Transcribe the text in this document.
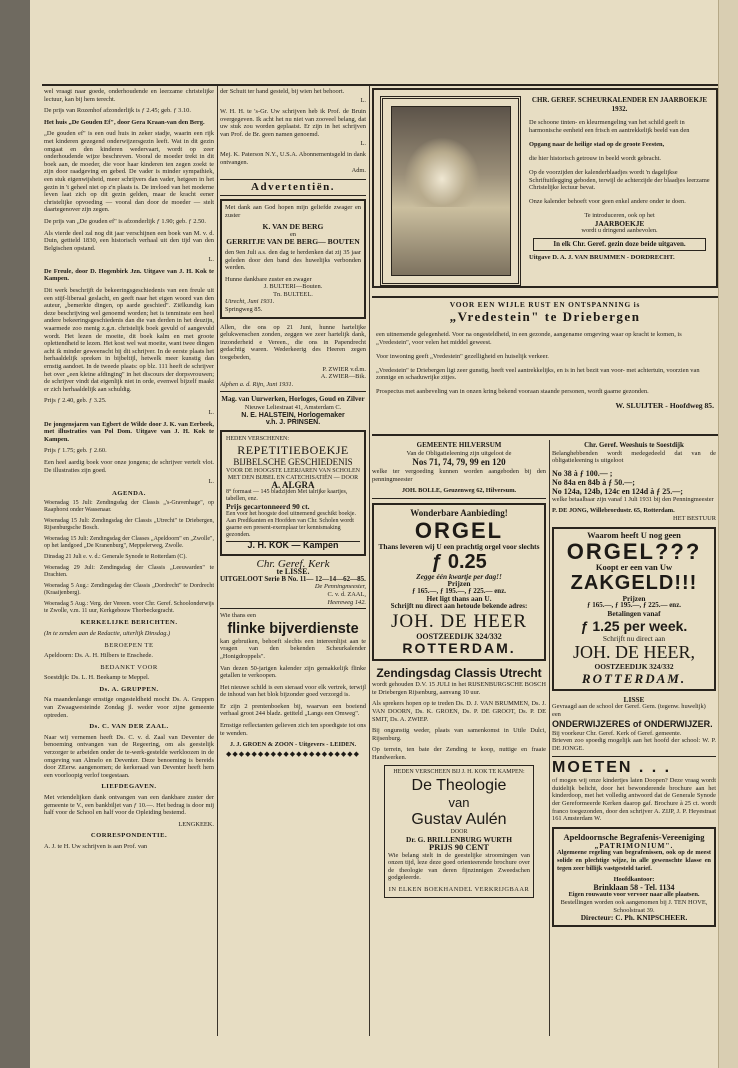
wel vraagt naar goede, onderhoudende en leerzame christelijke lectuur, kan bij hem terecht.

De prijs van Rozenhof afzonderlijk is ƒ 2.45; geb. ƒ 3.10.

Het huis „De Gouden Ef", door Gera Kraan-van den Berg.

„De gouden ef" is een oud huis in zeker stadje, waarin een rijk met kinderen gezegend onderwijzersgezin leeft. Wat in dit gezin omgaat en den kinderen wedervaart, wordt op zeer onderhoudende wijze beschreven. Vooral de moeder trekt in dit boek aan, de moeder, die voor haar kinderen ten zegen zoekt te zijn door raadgeving en gebed. De vader is minder sympathiek, een stuk eigenwijsheid, meer schrijvers dan vader, hetgeen in het gezin in 't geheel niet op z'n plaats is. De invloed van het moderne leven laat zich op dit gezin gelden, maar de kracht eener christelijke opvoeding — vooral dan door de moeder — stelt daartegenover zijn zegen.

De prijs van „De gouden ef" is afzonderlijk ƒ 1.90; geb. ƒ 2.50.

Als vierde deel zal nog dit jaar verschijnen een boek van M. v. d. Duin, getiteld 1830, een historisch verhaal uit den tijd van den Belgischen opstand.

L.

De Freule, door D. Hogenbirk Jzn. Uitgave van J. H. Kok te Kampen.

Dit werk beschrijft de bekeeringsgeschiedenis van een freule uit een stijf-liberaal geslacht, en geeft naar het eigen woord van den auteur, „bemerkte dingen, op aarde geschied". Ziëlkundig kan deze beschrijving wel genoemd worden; het is tenminste een heel andere bekeeringsgeschiedenis dan die van derden in het deuzijn, waarmede zoo menig z.g.n. christelijk boek gevuld of aangevuld wordt. Het lezen de moeite, dit boek kalm en met groote oplettendheid te lezen. Het kost wel wat moeite, want twee dingen acht ik minder geweenscht bij dit schrijver. In de eerste plaats het herhaaldelijk spreken in bijbeltijl, hetwelk meer kunstig dan ernstig aandoet. In de tweede plaats: op blz. 111 heeft de schrijver het over „een kleine afdinging" in het discours der dorpsvrouwen; de schrijver vindt dat eigenlijk niet in orde, evenwel bijzelf maakt er zich herhaaldelijk aan schuldig.

Prijs ƒ 2.40, geb. ƒ 3.25.

L.

De jongensjaren van Egbert de Wilde door J. K. van Eerbeek, met illustraties van Pol Dom. Uitgave van J. H. Kok te Kampen.

Prijs ƒ 1.75; geb. ƒ 2.60.

Een heel aardig boek voor onze jongens; de schrijver vertelt vlot. De illustraties zijn goed.

L.

AGENDA.

Woensdag 15 Juli: Zendingsdag der Classis „'s-Gravenhage", op Raaphorst onder Wassenaar.

Woensdag 15 Juli: Zendingsdag der Classis „Utrecht" te Driebergen, Rijsenburgsche Bosch.

Woensdag 15 Juli: Zendingsdag der Classes „Apeldoorn" en „Zwolle", op het landgoed „De Kranenburg", Meppelerweg, Zwolle.

Dinsdag 21 Juli e. v. d.: Generale Synode te Rotterdam (C).

Woensdag 29 Juli: Zendingsdag der Classis „Leeuwarden" te Drachten.

Woensdag 5 Aug.: Zendingsdag der Classis „Dordrecht" te Dordrecht (Kraaijenberg).

Woensdag 5 Aug.: Verg. der Vereen. voor Chr. Geref. Schoolonderwijs te Zwolle, v.m. 11 uur, Kerkgebouw Thorbeckegracht.

KERKELIJKE BERICHTEN.

(In te zenden aan de Redactie, uiterlijk Dinsdag.)

BEROEPEN TE

Apeldoorn: Ds. A. H. Hilbers te Enschede.

BEDANKT VOOR

Soestdijk: Ds. L. H. Beekamp te Meppel.

Ds. A. GRUPPEN.

Na maandenlange ernstige ongesteldheid mocht Ds. A. Gruppen van Zwaagwesteinde Zondag jl. weder voor zijne gemeente optreden.

Ds. C. VAN DER ZAAL.

Naar wij vernemen heeft Ds. C. v. d. Zaal van Deventer de benoeming ontvangen van de Regeering, om als geestelijk verzorger te arbeiden onder de te-werk-gestelde werkloozen in de omgeving van Almelo en Deventer. Deze benoeming is bereids door ZEerw. aangenomen; de kerkeraad van Deventer heeft hem een voorloopig verlof toegestaan.

LIEFDEGAVEN.

Met vriendelijken dank ontvangen van een dankbare zuster der gemeente te V., een bankbiljet van ƒ 10.—. Het bedrag is door mij half voor de School en half voor de Opleiding bestemd.

LENGKEEK.

CORRESPONDENTIE.

A. J. te H. Uw schrijven is aan Prof. van

der Schuit ter hand gesteld, bij wien het behoort.

L.

W. H. H. te 's-Gr. Uw schrijven heb ik Prof. de Bruin overgegeven. Ik acht het nu niet van zooveel belang, dat uw stuk zou worden geplaatst. Er zijn in het schrijven van Prof. de Br. geen namen genoemd.

L.

Mej. K. Paterson N.Y., U.S.A. Abonnementsgeld in dank ontvangen.

Adm.

Advertentiën.

Met dank aan God hopen mijn geliefde zwager en zuster

K. VAN DE BERG
en
GERRITJE VAN DE BERG— BOUTEN

den 9en Juli a.s. den dag te herdenken dat zij 35 jaar geleden door den band des huwelijks verbonden werden.

Hunne dankbare zuster en zwager

J. BULTERI—Bouten.
Tn. BULTEEL.
Utrecht, Juni 1931.
Springweg 85.

Allen, die ons op 21 Juni, hunne hartelijke gelukwenschen zonden, zeggen we zeer hartelijk dank, inzonderheid e Vereen., die ons in Papendrecht gedachtig waren. Wederkeerig des Heeren zegen toegebeden,

P. ZWIER v.d.m.
A. ZWIER—Bik.

Alphen a. d. Rijn, Juni 1931.

Mag. van Uurwerken, Horloges, Goud en Zilver
Nieuwe Leliestraat 41, Amsterdam C.
N. E. HALSTEIN, Horlogemaker
v.h. J. PRINSEN.
HEDEN VERSCHENEN:
REPETITIEBOEKJE
BIJBELSCHE GESCHIEDENIS
VOOR DE HOOGSTE LEERJAREN VAN SCHOLEN MET DEN BIJBEL EN CATECHISATIËN — DOOR
A. ALGRA
8° formaat — 145 bladzijden Met talrijke kaartjes, tabellen, enz.
Prijs gecartonneerd 90 ct.
Een voor het hoogste doel uitnemend geschikt boekje.
Aan Predikanten en Hoofden van Chr. Scholen wordt gaarne een present-exemplaar ter kennismaking gezonden.
J. H. KOK — Kampen
Chr. Geref. Kerk
te LISSE.
UITGELOOT Serie B No. 11— 12—14—62—85.
De Penningmeester,
C. v. d. ZAAL,
Heereweg 142.
Wie thans een
flinke bijverdienste

kan gebruiken, behoeft slechts een intereenlijst aan te vragen van den bekenden Scheurkalender „Honigdroppels".

Van dezen 50-jarigen kalender zijn gemakkelijk flinke getallen te verkoopen.

Het nieuwe schild is een sieraad voor elk vertrek, terwijl de inhoud van het blok bijzonder goed verzorgd is.

Er zijn 2 prentenboeken bij, waarvan een boeiend verhaal groot 244 bladz. getiteld „Langs een Omweg".

Ernstige reflectanten gelieven zich ten spoedigste tot ons te wenden.

J. J. GROEN & ZOON - Uitgevers - LEIDEN.
◆◆◆◆◆◆◆◆◆◆◆◆◆◆◆◆◆◆◆◆◆
CHR. GEREF. SCHEURKALENDER EN JAARBOEKJE 1932.

De schoone tinten- en kleurmengeling van het schild geeft in harmonische eenheid een frisch en aantrekkelijk beeld van den

Opgang naar de heilige stad op de groote Feesten,

die hier historisch getrouw in beeld wordt gebracht.

Op de voorzijden der kalenderblaadjes wordt 'n dagelijkse Schriftuitlegging geboden, terwijl de achterzijde der blaadjes leerzame Christelijke lectuur bevat.

Onze kalender behoeft voor geen enkel andere onder te doen.

Te introduceren, ook op het
JAARBOEKJE
wordt u dringend aanbevolen.
In elk Chr. Geref. gezin doze beide uitgaven.
Uitgave D. A. J. VAN BRUMMEN - DORDRECHT.
VOOR EEN WIJLE RUST EN ONTSPANNING is
„Vredestein" te Driebergen

een uitnemende gelegenheid. Voor na ongesteldheid, in een gezonde, aangename omgeving waar op kracht te komen, is „Vredestein", voor velen het middel geweest.

Voor inwoning geeft „Vredestein" gezelligheid en huiselijk verkeer.

„Vredestein" te Driebergen ligt zeer gunstig, heeft veel aantrekkelijks, en is in het bezit van voor- met achtertuin, voorzien van zonnige en schaduwrijke zitjes.

Prospectus met aanbeveling van in onzen kring bekend vooraan staande personen, wordt gaarne gezonden.

W. SLUIJTER - Hoofdweg 85.
GEMEENTE HILVERSUM
Van de Obligatieleening zijn uitgeloot de
Nos 71, 74, 79, 99 en 120

welke ter vergoeding kunnen worden aangeboden bij den penningmeester

JOH. BOLLE, Geuzenweg 62, Hilversum.
Wonderbare Aanbieding!
ORGEL
Thans leveren wij U een prachtig orgel voor slechts
ƒ 0.25
Zegge één kwartje per dag!!
Prijzen
ƒ 165.—, ƒ 195.—, ƒ 225.— enz.
Het ligt thans aan U.
Schrijft nu direct aan hetoude bekende adres:
JOH. DE HEER
OOSTZEEDIJK 324/332
ROTTERDAM.
Zendingsdag Classis Utrecht

wordt gehouden D.V. 15 JULI in het RIJSENBURGSCHE BOSCH te Driebergen Rijsenburg, aanvang 10 uur.

Als sprekers hopen op te treden Ds. D. J. VAN BRUMMEN, Ds. J. VAN DOORN, Ds. K. GROEN, Ds. P. DE GROOT, Ds. P. DE SMIT, Ds. A. ZWIEP.

Bij ongunstig weder, plaats van samenkomst in Utile Dulci, Rijsenburg.

Op terrein, ten bate der Zending te koop, nuttige en fraaie Handwerken.

HEDEN VERSCHEEN BIJ J. H. KOK TE KAMPEN:
De Theologie
van
Gustav Aulén
DOOR
Dr. G. BRILLENBURG WURTH
PRIJS 90 CENT

Wie belang stelt in de geestelijke stroomingen van onzen tijd, leze deze goed orienteerende brochure over de theologie van deren fijnzinnigen Zweedschen godgeleerde.

IN ELKEN BOEKHANDEL VERKRIJGBAAR
Chr. Geref. Weeshuis te Soestdijk

Belanghebbenden wordt medegedeeld dat van de obligatieleening is uitgeloot

No 38 à ƒ 100.— ;
No 84a en 84b à ƒ 50.—;
No 124a, 124b, 124c en 124d à ƒ 25.—;

welke betaalbaar zijn vanaf 1 Juli 1931 bij den Penningmeester

P. DE JONG, Willebrordustr. 65, Rotterdam.
HET BESTUUR
Waarom heeft U nog geen
ORGEL???
Koopt er een van Uw
ZAKGELD!!!
Prijzen
ƒ 165.—, ƒ 195.—, ƒ 225.— enz.
Betalingen vanaf
ƒ 1.25 per week.
Schrijft nu direct aan
JOH. DE HEER,
OOSTZEEDIJK 324/332
ROTTERDAM.
LISSE
Gevraagd aan de school der Geref. Gem. (tegenw. huwelijk) een
ONDERWIJZERES of ONDERWIJZER.
Bij voorkeur Chr. Geref. Kerk of Geref. gemeente.

Brieven zoo spoedig mogelijk aan het hoofd der school: W. P. DE JONGE.

MOETEN . . .

of mogen wij onze kindertjes laten Doopen? Deze vraag wordt duidelijk belicht, door het bewonderende brochure aan het kinderdoop, met het volledig antwoord dat de Generale Synode der Gereformeerde Kerken daarop gaf. Brochure à 25 ct. wordt franco toegezonden, door den schrijver A. ZIJP, J. P. Heyestraat 161 Amsterdam W.

Apeldoornsche Begrafenis-Vereeniging
„PATRIMONIUM".

Algemeene regeling van begrafenissen, ook op de meest solide en plechtige wijze, in alle gewenschte klasse en tegen zeer billijk vastgesteld tarief.

Hoofdkantoor:
Brinklaan 58 - Tel. 1134
Eigen rouwauto voor vervoer naar alle plaatsen.
Bestellingen worden ook aangenomen bij J. TEN HOVE, Schoolstraat 39.
Directeur: C. Ph. KNIPSCHEER.
